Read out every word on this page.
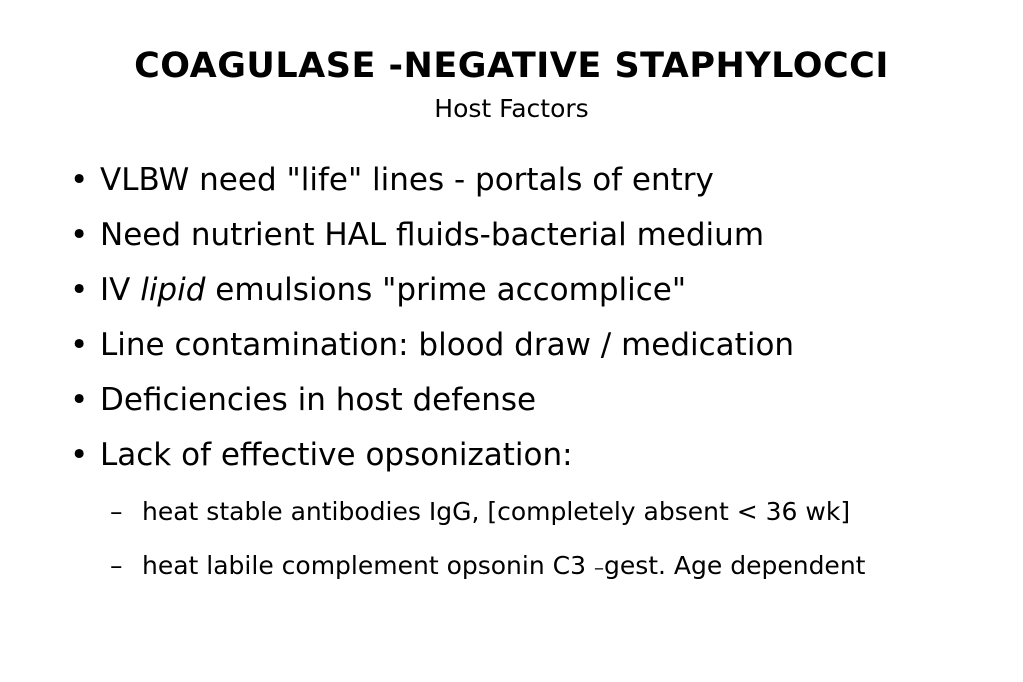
COAGULASE -NEGATIVE STAPHYLOCCI
Host Factors
• VLBW need "life" lines - portals of entry
• Need nutrient HAL fluids-bacterial medium
• IV lipid emulsions "prime accomplice"
• Line contamination: blood draw / medication
• Deficiencies in host defense
• Lack of effective opsonization:
– heat stable antibodies IgG, [completely absent < 36 wk]
– heat labile complement opsonin C3 –gest. Age dependent
